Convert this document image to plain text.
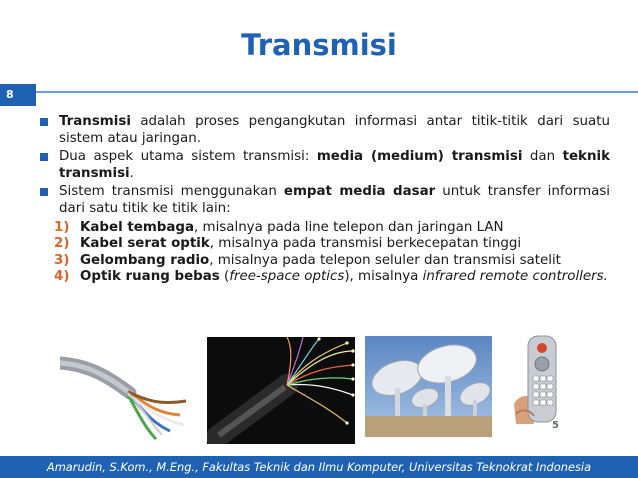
Transmisi
8
Transmisi adalah proses pengangkutan informasi antar titik-titik dari suatu sistem atau jaringan.
Dua aspek utama sistem transmisi: media (medium) transmisi dan teknik transmisi.
Sistem transmisi menggunakan empat media dasar untuk transfer informasi dari satu titik ke titik lain:
1) Kabel tembaga, misalnya pada line telepon dan jaringan LAN
2) Kabel serat optik, misalnya pada transmisi berkecepatan tinggi
3) Gelombang radio, misalnya pada telepon seluler dan transmisi satelit
4) Optik ruang bebas (free-space optics), misalnya infrared remote controllers.
5
Amarudin, S.Kom., M.Eng., Fakultas Teknik dan Ilmu Komputer, Universitas Teknokrat Indonesia
